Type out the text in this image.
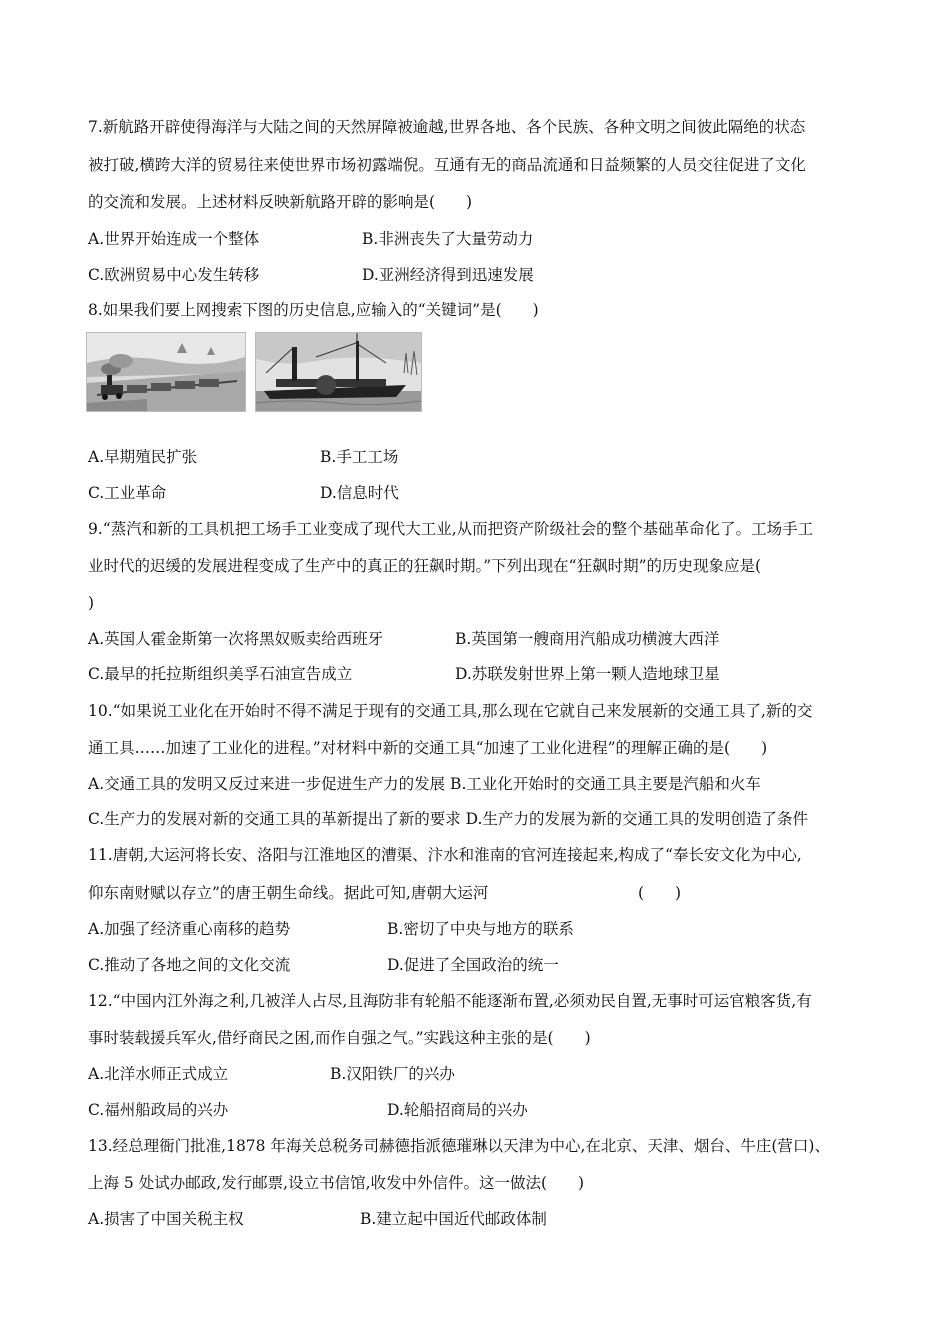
7.新航路开辟使得海洋与大陆之间的天然屏障被逾越,世界各地、各个民族、各种文明之间彼此隔绝的状态
被打破,横跨大洋的贸易往来使世界市场初露端倪。互通有无的商品流通和日益频繁的人员交往促进了文化
的交流和发展。上述材料反映新航路开辟的影响是(　　)
A.世界开始连成一个整体	B.非洲丧失了大量劳动力
C.欧洲贸易中心发生转移	D.亚洲经济得到迅速发展
8.如果我们要上网搜索下图的历史信息,应输入的“关键词”是(　　)
A.早期殖民扩张	B.手工工场
C.工业革命	D.信息时代
9.“蒸汽和新的工具机把工场手工业变成了现代大工业,从而把资产阶级社会的整个基础革命化了。工场手工
业时代的迟缓的发展进程变成了生产中的真正的狂飙时期。”下列出现在“狂飙时期”的历史现象应是(
)
A.英国人霍金斯第一次将黑奴贩卖给西班牙	B.英国第一艘商用汽船成功横渡大西洋
C.最早的托拉斯组织美孚石油宣告成立	D.苏联发射世界上第一颗人造地球卫星
10.“如果说工业化在开始时不得不满足于现有的交通工具,那么现在它就自己来发展新的交通工具了,新的交
通工具……加速了工业化的进程。”对材料中新的交通工具“加速了工业化进程”的理解正确的是(　　)
A.交通工具的发明又反过来进一步促进生产力的发展 B.工业化开始时的交通工具主要是汽船和火车
C.生产力的发展对新的交通工具的革新提出了新的要求 D.生产力的发展为新的交通工具的发明创造了条件
11.唐朝,大运河将长安、洛阳与江淮地区的漕渠、汴水和淮南的官河连接起来,构成了“奉长安文化为中心,
仰东南财赋以存立”的唐王朝生命线。据此可知,唐朝大运河	(　　)
A.加强了经济重心南移的趋势	B.密切了中央与地方的联系
C.推动了各地之间的文化交流	D.促进了全国政治的统一
12.“中国内江外海之利,几被洋人占尽,且海防非有轮船不能逐渐布置,必须劝民自置,无事时可运官粮客货,有
事时装载援兵军火,借纾商民之困,而作自强之气。”实践这种主张的是(　　)
A.北洋水师正式成立	B.汉阳铁厂的兴办
C.福州船政局的兴办	D.轮船招商局的兴办
13.经总理衙门批准,1878 年海关总税务司赫德指派德璀琳以天津为中心,在北京、天津、烟台、牛庄(营口)、
上海 5 处试办邮政,发行邮票,设立书信馆,收发中外信件。这一做法(　　)
A.损害了中国关税主权	B.建立起中国近代邮政体制
